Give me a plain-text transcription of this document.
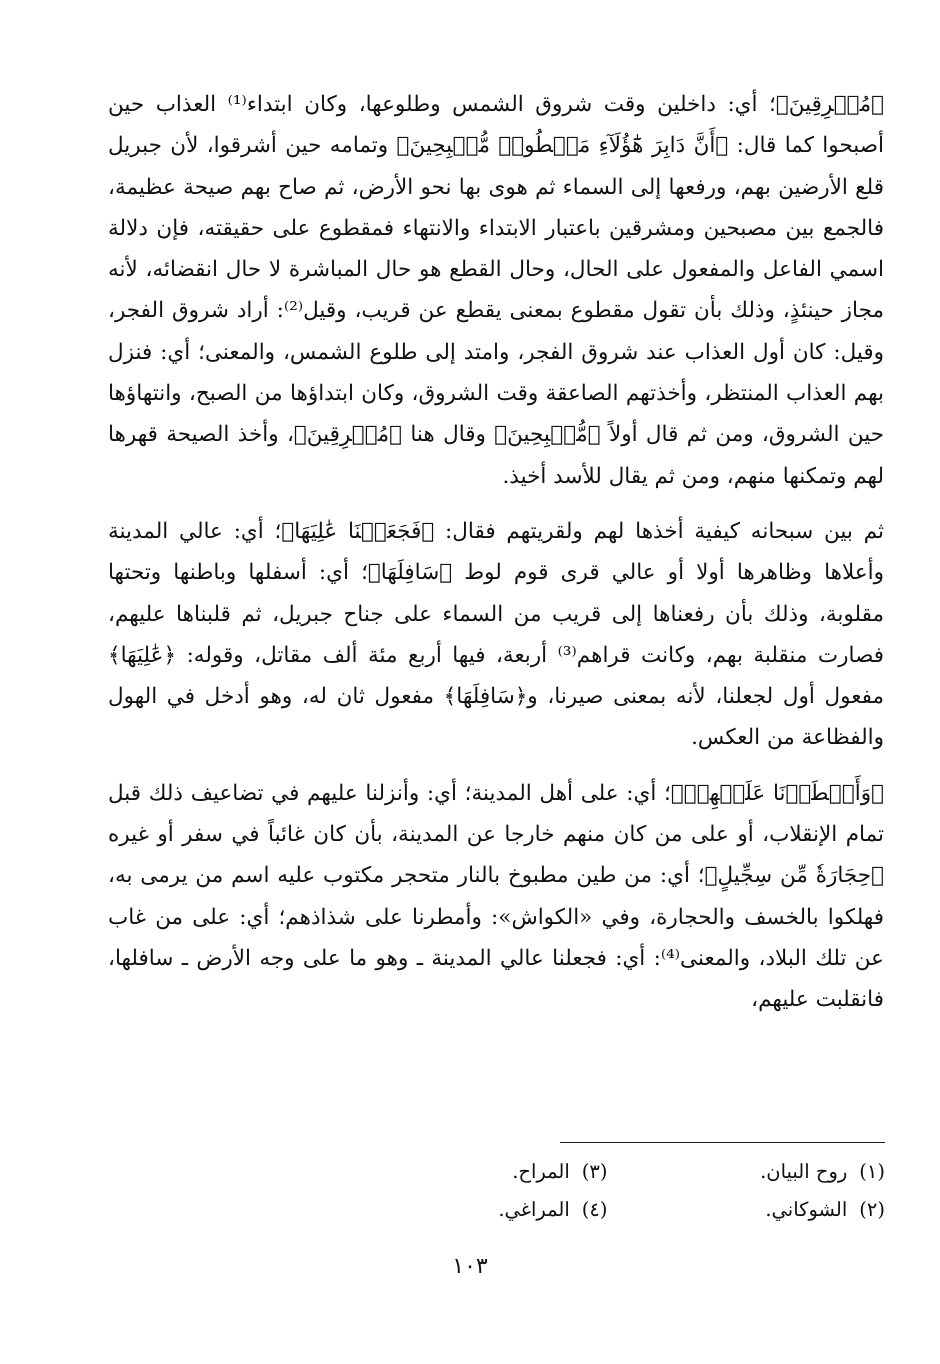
﴿مُشۡرِقِينَ﴾؛ أي: داخلين وقت شروق الشمس وطلوعها، وكان ابتداء⁽¹⁾ العذاب حين أصبحوا كما قال: ﴿أَنَّ دَابِرَ هَٰٓؤُلَآءِ مَقۡطُوعٞ مُّصۡبِحِينَ﴾ وتمامه حين أشرقوا، لأن جبريل قلع الأرضين بهم، ورفعها إلى السماء ثم هوى بها نحو الأرض، ثم صاح بهم صيحة عظيمة، فالجمع بين مصبحين ومشرقين باعتبار الابتداء والانتهاء فمقطوع على حقيقته، فإن دلالة اسمي الفاعل والمفعول على الحال، وحال القطع هو حال المباشرة لا حال انقضائه، لأنه مجاز حينئذٍ، وذلك بأن تقول مقطوع بمعنى يقطع عن قريب، وقيل⁽²⁾: أراد شروق الفجر، وقيل: كان أول العذاب عند شروق الفجر، وامتد إلى طلوع الشمس، والمعنى؛ أي: فنزل بهم العذاب المنتظر، وأخذتهم الصاعقة وقت الشروق، وكان ابتداؤها من الصبح، وانتهاؤها حين الشروق، ومن ثم قال أولاً ﴿مُّصۡبِحِينَ﴾ وقال هنا ﴿مُشۡرِقِينَ﴾، وأخذ الصيحة قهرها لهم وتمكنها منهم، ومن ثم يقال للأسد أخيذ.

ثم بين سبحانه كيفية أخذها لهم ولقريتهم فقال: ﴿فَجَعَلۡنَا عَٰلِيَهَا﴾؛ أي: عالي المدينة وأعلاها وظاهرها أولا أو عالي قرى قوم لوط ﴿سَافِلَهَا﴾؛ أي: أسفلها وباطنها وتحتها مقلوبة، وذلك بأن رفعناها إلى قريب من السماء على جناح جبريل، ثم قلبناها عليهم، فصارت منقلبة بهم، وكانت قراهم⁽³⁾ أربعة، فيها أربع مئة ألف مقاتل، وقوله: ﴿عَٰلِيَهَا﴾ مفعول أول لجعلنا، لأنه بمعنى صيرنا، و﴿سَافِلَهَا﴾ مفعول ثان له، وهو أدخل في الهول والفظاعة من العكس.

﴿وَأَمۡطَرۡنَا عَلَيۡهِمۡ﴾؛ أي: على أهل المدينة؛ أي: وأنزلنا عليهم في تضاعيف ذلك قبل تمام الإنقلاب، أو على من كان منهم خارجا عن المدينة، بأن كان غائباً في سفر أو غيره ﴿حِجَارَةٗ مِّن سِجِّيلٍ﴾؛ أي: من طين مطبوخ بالنار متحجر مكتوب عليه اسم من يرمى به، فهلكوا بالخسف والحجارة، وفي «الكواش»: وأمطرنا على شذاذهم؛ أي: على من غاب عن تلك البلاد، والمعنى⁽⁴⁾: أي: فجعلنا عالي المدينة ـ وهو ما على وجه الأرض ـ سافلها، فانقلبت عليهم،

(١)
روح البيان.
(٣)
المراح.
(٢)
الشوكاني.
(٤)
المراغي.
١٠٣
